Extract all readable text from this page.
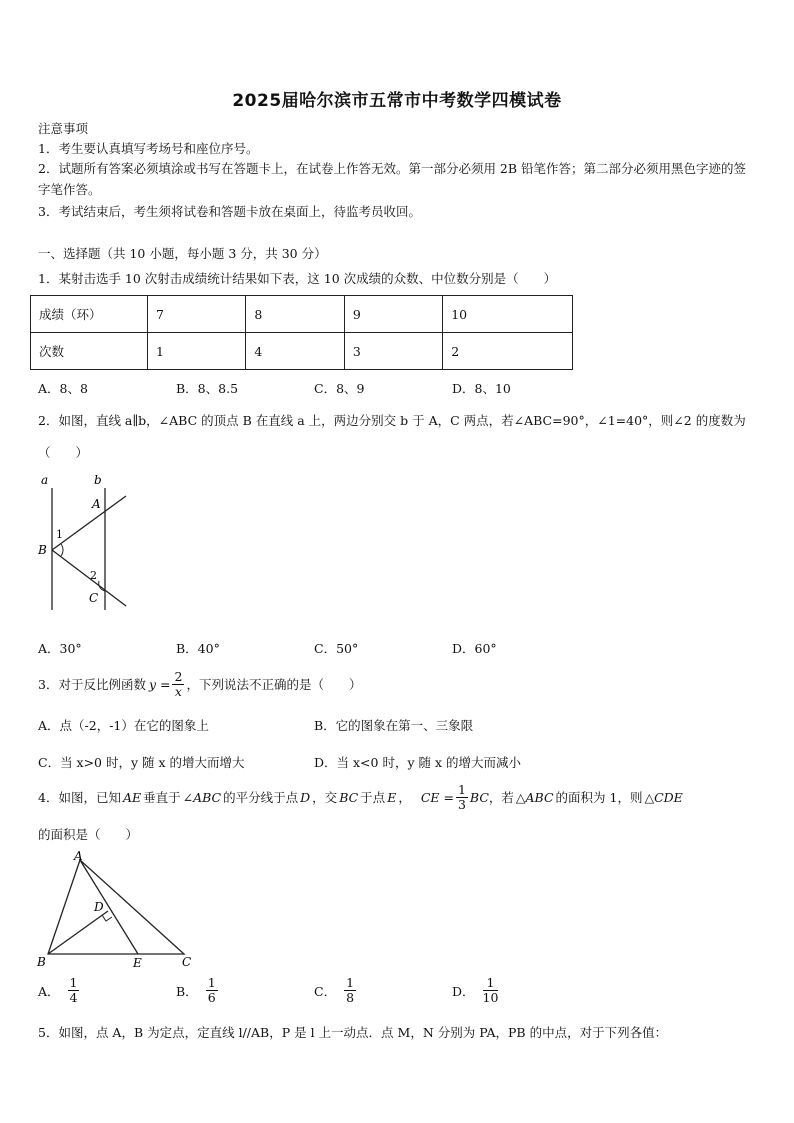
2025届哈尔滨市五常市中考数学四模试卷
注意事项
1．考生要认真填写考场号和座位序号。
2．试题所有答案必须填涂或书写在答题卡上，在试卷上作答无效。第一部分必须用 2B 铅笔作答；第二部分必须用黑色字迹的签字笔作答。
3．考试结束后，考生须将试卷和答题卡放在桌面上，待监考员收回。
一、选择题（共 10 小题，每小题 3 分，共 30 分）
1．某射击选手 10 次射击成绩统计结果如下表，这 10 次成绩的众数、中位数分别是（　　）
成绩（环）	7	8	9	10
次数	1	4	3	2
A．8、8	B．8、8.5	C．8、9	D．8、10
2．如图，直线 a∥b，∠ABC 的顶点 B 在直线 a 上，两边分别交 b 于 A，C 两点，若∠ABC=90°，∠1=40°，则∠2 的度数为（　　）
a	b
A
1
B
2
C
A．30°	B．40°	C．50°	D．60°
3．对于反比例函数 $y = \frac{2}{x}$ ，下列说法不正确的是（　　）
A．点（-2，-1）在它的图象上	B．它的图象在第一、三象限
C．当 x>0 时，y 随 x 的增大而增大	D．当 x<0 时，y 随 x 的增大而减小
4．如图，已知 AE 垂直于 ∠ABC 的平分线于点 D ，交 BC 于点 E ， CE = $\frac{1}{3}$ BC ，若 △ABC 的面积为 1，则 △CDE
的面积是（　　）
A
D
B	E	C
A． $\frac{1}{4}$	B． $\frac{1}{6}$	C． $\frac{1}{8}$	D． $\frac{1}{10}$
5．如图，点 A，B 为定点，定直线 l//AB，P 是 l 上一动点．点 M，N 分别为 PA，PB 的中点，对于下列各值：
